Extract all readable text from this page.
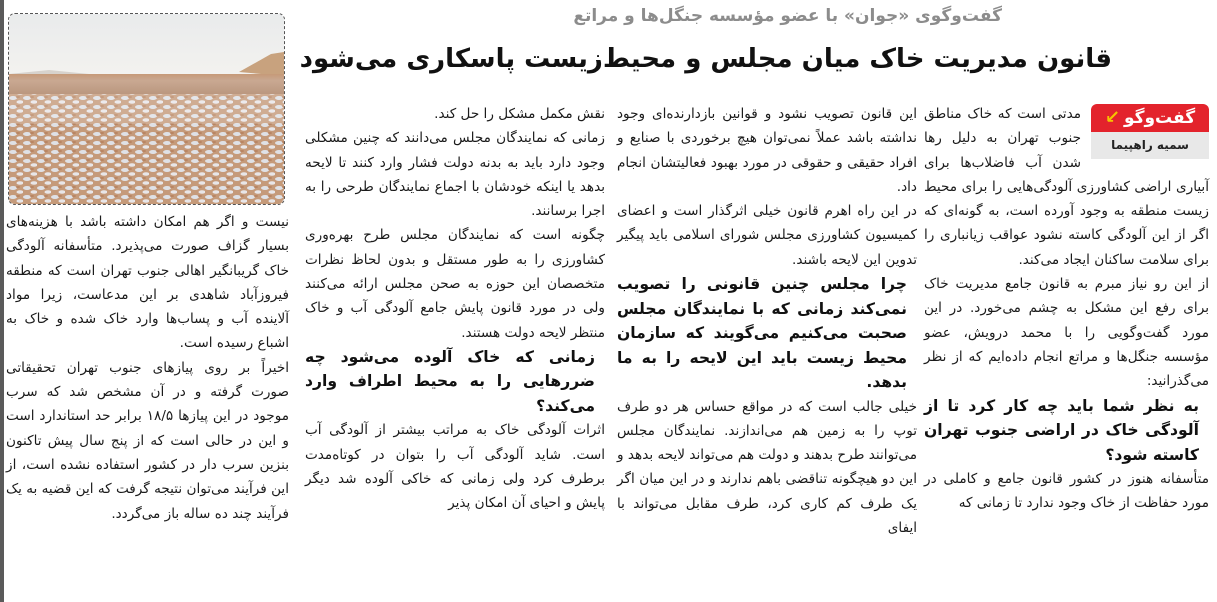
گفت‌وگوی «جوان» با عضو مؤسسه جنگل‌ها و مراتع
قانون مدیریت خاک میان مجلس و محیط‌زیست پاسکاری می‌شود
گفت‌وگو
↙
سمیه راهپیما

مدتی است که خاک مناطق جنوب تهران به دلیل رها شدن آب فاضلاب‌ها برای آبیاری اراضی کشاورزی آلودگی‌هایی را برای محیط زیست منطقه به وجود آورده است، به گونه‌ای که اگر از این آلودگی کاسته نشود عواقب زیانباری را برای سلامت ساکنان ایجاد می‌کند.

از این رو نیاز مبرم به قانون جامع مدیریت خاک برای رفع این مشکل به چشم می‌خورد. در این مورد گفت‌وگویی را با محمد درویش، عضو مؤسسه جنگل‌ها و مراتع انجام داده‌ایم که از نظر می‌گذرانید:

به نظر شما باید چه کار کرد تا از آلودگی خاک در اراضی جنوب تهران کاسته شود؟

متأسفانه هنوز در کشور قانون جامع و کاملی در مورد حفاظت از خاک وجود ندارد تا زمانی که

این قانون تصویب نشود و قوانین بازدارنده‌ای وجود نداشته باشد عملاً نمی‌توان هیچ برخوردی با صنایع و افراد حقیقی و حقوقی در مورد بهبود فعالیتشان انجام داد.

در این راه اهرم قانون خیلی اثرگذار است و اعضای کمیسیون کشاورزی مجلس شورای اسلامی باید پیگیر تدوین این لایحه باشند.

چرا مجلس چنین قانونی را تصویب نمی‌کند زمانی که با نمایندگان مجلس صحبت می‌کنیم می‌گویند که سازمان محیط زیست باید این لایحه را به ما بدهد.

خیلی جالب است که در مواقع حساس هر دو طرف توپ را به زمین هم می‌اندازند. نمایندگان مجلس می‌توانند طرح بدهند و دولت هم می‌تواند لایحه بدهد و این دو هیچگونه تناقضی باهم ندارند و در این میان اگر یک طرف کم کاری کرد، طرف مقابل می‌تواند با ایفای

نقش مکمل مشکل را حل کند.

زمانی که نمایندگان مجلس می‌دانند که چنین مشکلی وجود دارد باید به بدنه دولت فشار وارد کنند تا لایحه بدهد یا اینکه خودشان با اجماع نمایندگان طرحی را به اجرا برسانند.

چگونه است که نمایندگان مجلس طرح بهره‌وری کشاورزی را به طور مستقل و بدون لحاظ نظرات متخصصان این حوزه به صحن مجلس ارائه می‌کنند ولی در مورد قانون پایش جامع آلودگی آب و خاک منتظر لایحه دولت هستند.

زمانی که خاک آلوده می‌شود چه ضررهایی را به محیط اطراف وارد می‌کند؟

اثرات آلودگی خاک به مراتب بیشتر از آلودگی آب است. شاید آلودگی آب را بتوان در کوتاه‌مدت برطرف کرد ولی زمانی که خاکی آلوده شد دیگر پایش و احیای آن امکان پذیر

نیست و اگر هم امکان داشته باشد با هزینه‌های بسیار گزاف صورت می‌پذیرد. متأسفانه آلودگی خاک گریبانگیر اهالی جنوب تهران است که منطقه فیروزآباد شاهدی بر این مدعاست، زیرا مواد آلاینده آب و پساب‌ها وارد خاک شده و خاک به اشباع رسیده است.

اخیراً بر روی پیازهای جنوب تهران تحقیقاتی صورت گرفته و در آن مشخص شد که سرب موجود در این پیازها ۱۸/۵ برابر حد استاندارد است و این در حالی است که از پنج سال پیش تاکنون بنزین سرب دار در کشور استفاده نشده است، از این فرآیند می‌توان نتیجه گرفت که این قضیه به یک فرآیند چند ده ساله باز می‌گردد.
